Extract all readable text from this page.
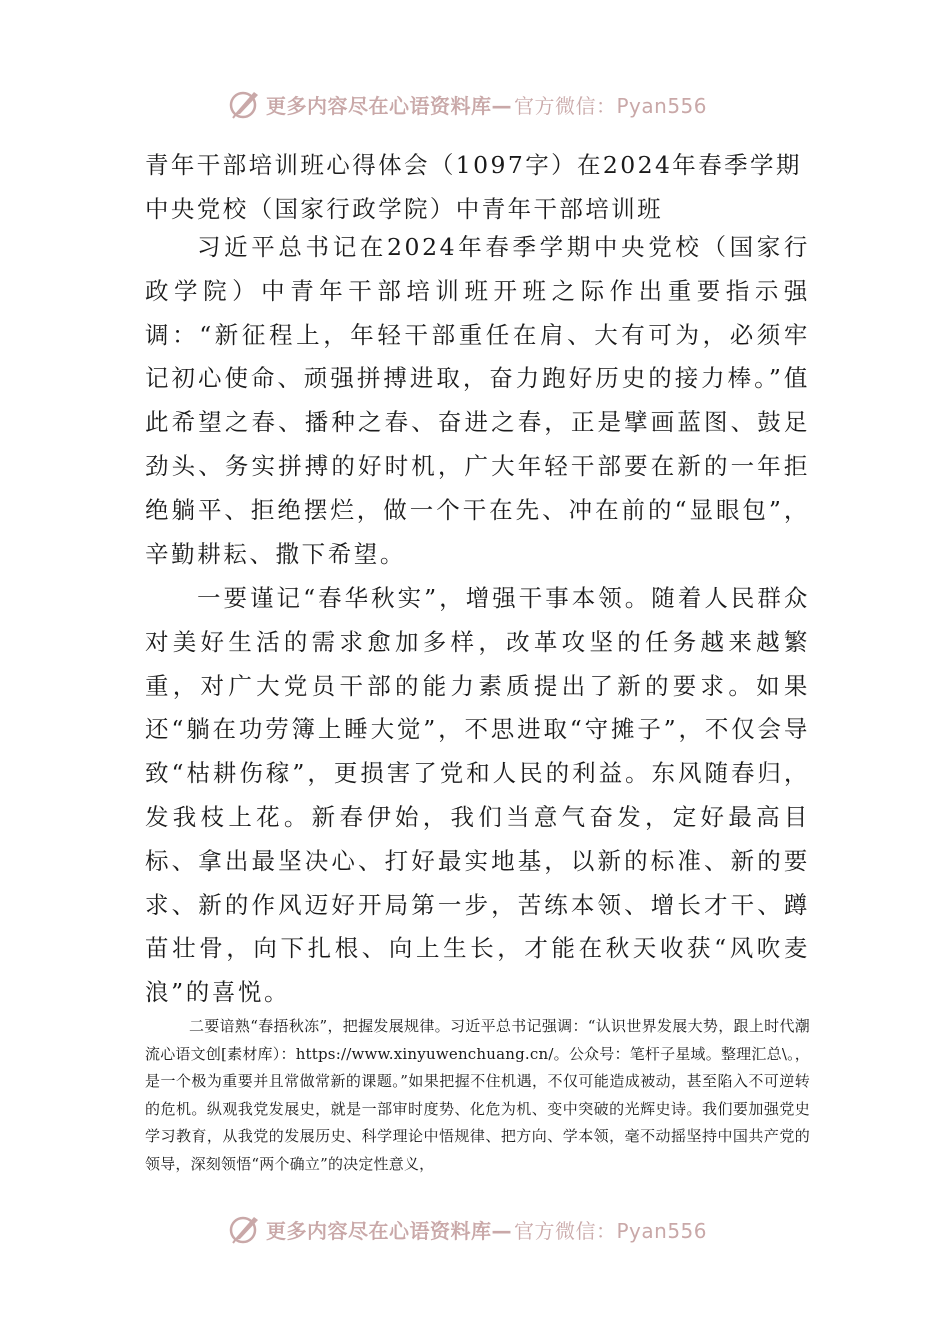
更多内容尽在心语资料库— 官方微信：Pyan556
青年干部培训班心得体会（1097字）在2024年春季学期中央党校（国家行政学院）中青年干部培训班

习近平总书记在2024年春季学期中央党校（国家行政学院）中青年干部培训班开班之际作出重要指示强调：“新征程上，年轻干部重任在肩、大有可为，必须牢记初心使命、顽强拼搏进取，奋力跑好历史的接力棒。”值此希望之春、播种之春、奋进之春，正是擘画蓝图、鼓足劲头、务实拼搏的好时机，广大年轻干部要在新的一年拒绝躺平、拒绝摆烂，做一个干在先、冲在前的“显眼包”，辛勤耕耘、撒下希望。

一要谨记“春华秋实”，增强干事本领。随着人民群众对美好生活的需求愈加多样，改革攻坚的任务越来越繁重，对广大党员干部的能力素质提出了新的要求。如果还“躺在功劳簿上睡大觉”，不思进取“守摊子”，不仅会导致“枯耕伤稼”，更损害了党和人民的利益。东风随春归，发我枝上花。新春伊始，我们当意气奋发，定好最高目标、拿出最坚决心、打好最实地基，以新的标准、新的要求、新的作风迈好开局第一步，苦练本领、增长才干、蹲苗壮骨，向下扎根、向上生长，才能在秋天收获“风吹麦浪”的喜悦。

二要谙熟“春捂秋冻”，把握发展规律。习近平总书记强调：“认识世界发展大势，跟上时代潮流心语文创[素材库）：https://www.xinyuwenchuang.cn/。公众号：笔杆子星域。整理汇总\。，是一个极为重要并且常做常新的课题。”如果把握不住机遇，不仅可能造成被动，甚至陷入不可逆转的危机。纵观我党发展史，就是一部审时度势、化危为机、变中突破的光辉史诗。我们要加强党史学习教育，从我党的发展历史、科学理论中悟规律、把方向、学本领，毫不动摇坚持中国共产党的领导，深刻领悟“两个确立”的决定性意义，

更多内容尽在心语资料库— 官方微信：Pyan556
